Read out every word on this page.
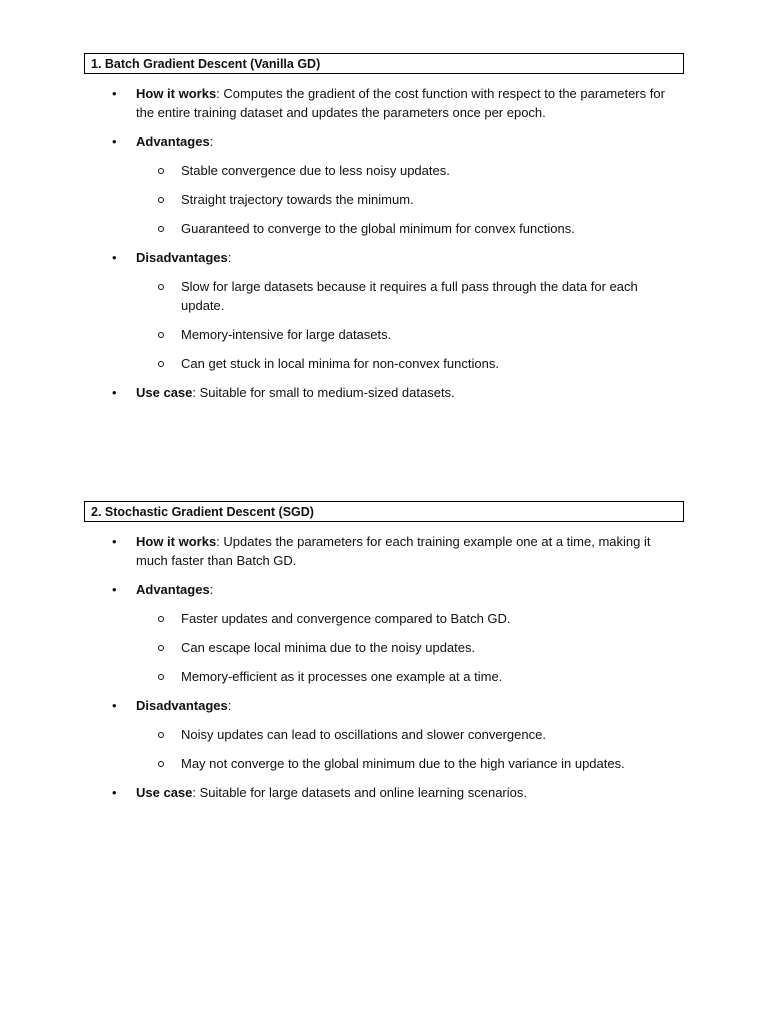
1. Batch Gradient Descent (Vanilla GD)
• How it works: Computes the gradient of the cost function with respect to the parameters for the entire training dataset and updates the parameters once per epoch.
• Advantages:
Stable convergence due to less noisy updates.
Straight trajectory towards the minimum.
Guaranteed to converge to the global minimum for convex functions.
• Disadvantages:
Slow for large datasets because it requires a full pass through the data for each update.
Memory-intensive for large datasets.
Can get stuck in local minima for non-convex functions.
• Use case: Suitable for small to medium-sized datasets.
2. Stochastic Gradient Descent (SGD)
• How it works: Updates the parameters for each training example one at a time, making it much faster than Batch GD.
• Advantages:
Faster updates and convergence compared to Batch GD.
Can escape local minima due to the noisy updates.
Memory-efficient as it processes one example at a time.
• Disadvantages:
Noisy updates can lead to oscillations and slower convergence.
May not converge to the global minimum due to the high variance in updates.
• Use case: Suitable for large datasets and online learning scenarios.
